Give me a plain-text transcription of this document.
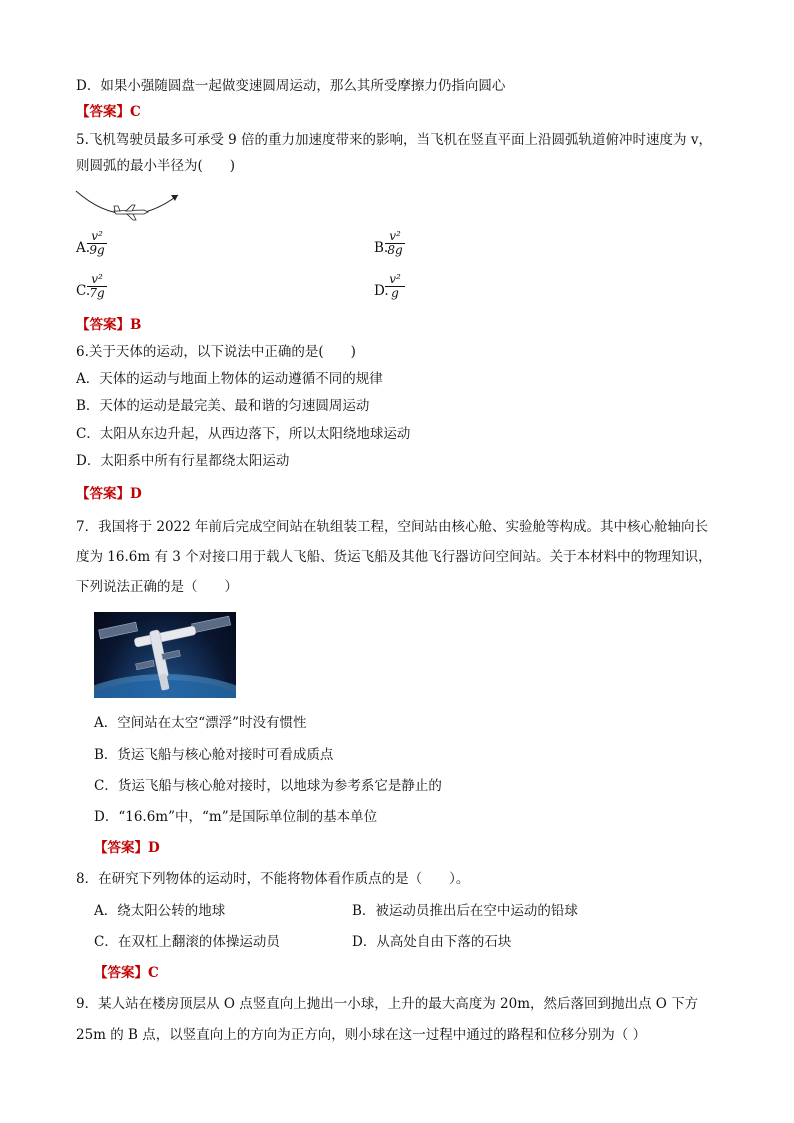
D．如果小强随圆盘一起做变速圆周运动，那么其所受摩擦力仍指向圆心
【答案】C
5.飞机驾驶员最多可承受 9 倍的重力加速度带来的影响，当飞机在竖直平面上沿圆弧轨道俯冲时速度为 v，
则圆弧的最小半径为(　　)
A.
$\frac{\text{v²}}{9g}$	B.
$\frac{\text{v²}}{8g}$
C.
$\frac{\text{v²}}{7g}$	D.
$\frac{\text{v²}}{g}$
【答案】B
6.关于天体的运动，以下说法中正确的是(　　)
A．天体的运动与地面上物体的运动遵循不同的规律
B．天体的运动是最完美、最和谐的匀速圆周运动
C．太阳从东边升起，从西边落下，所以太阳绕地球运动
D．太阳系中所有行星都绕太阳运动
【答案】D
7．我国将于 2022 年前后完成空间站在轨组装工程，空间站由核心舱、实验舱等构成。其中核心舱轴向长
度为 16.6m 有 3 个对接口用于载人飞船、货运飞船及其他飞行器访问空间站。关于本材料中的物理知识，
下列说法正确的是（　　）
A．空间站在太空“漂浮”时没有惯性
B．货运飞船与核心舱对接时可看成质点
C．货运飞船与核心舱对接时，以地球为参考系它是静止的
D．“16.6m”中，“m”是国际单位制的基本单位
【答案】D
8．在研究下列物体的运动时，不能将物体看作质点的是（　　）。
A．绕太阳公转的地球	B．被运动员推出后在空中运动的铅球
C．在双杠上翻滚的体操运动员	D．从高处自由下落的石块
【答案】C
9．某人站在楼房顶层从 O 点竖直向上抛出一小球，上升的最大高度为 20m，然后落回到抛出点 O 下方
25m 的 B 点，以竖直向上的方向为正方向，则小球在这一过程中通过的路程和位移分别为（ ）
